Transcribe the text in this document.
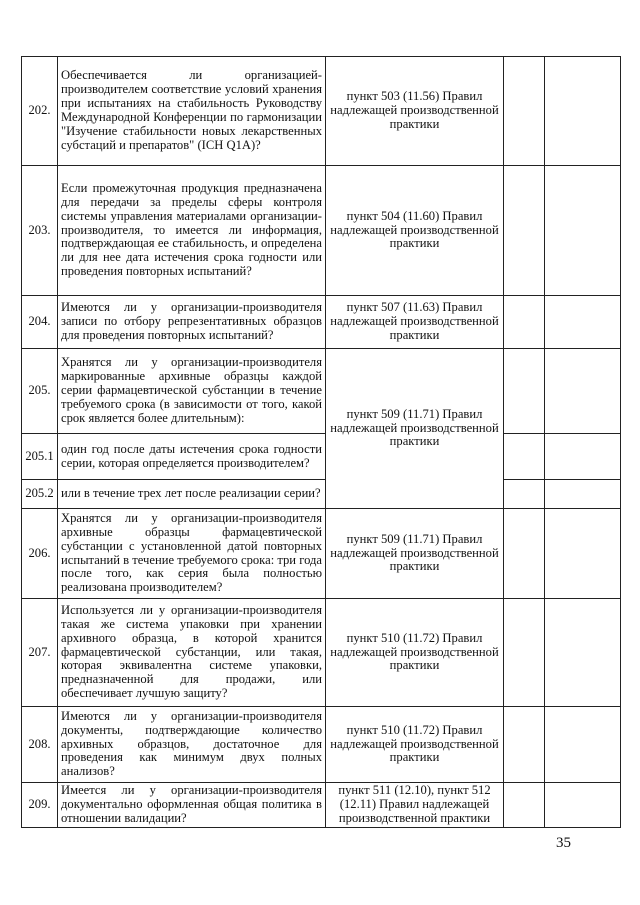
202.	Обеспечивается ли организацией-производителем соответствие условий хранения при испытаниях на стабильность Руководству Международной Конференции по гармонизации "Изучение стабильности новых лекарственных субстаций и препаратов" (ICH Q1A)?	пункт 503 (11.56) Правил надлежащей производственной практики		
203.	Если промежуточная продукция предназначена для передачи за пределы сферы контроля системы управления материалами организации-производителя, то имеется ли информация, подтверждающая ее стабильность, и определена ли для нее дата истечения срока годности или проведения повторных испытаний?	пункт 504 (11.60) Правил надлежащей производственной практики		
204.	Имеются ли у организации-производителя записи по отбору репрезентативных образцов для проведения повторных испытаний?	пункт 507 (11.63) Правил надлежащей производственной практики		
205.	Хранятся ли у организации-производителя маркированные архивные образцы каждой серии фармацевтической субстанции в течение требуемого срока (в зависимости от того, какой срок является более длительным):	пункт 509 (11.71) Правил надлежащей производственной практики		
205.1	один год после даты истечения срока годности серии, которая определяется производителем?			
205.2	или в течение трех лет после реализации серии?			
206.	Хранятся ли у организации-производителя архивные образцы фармацевтической субстанции с установленной датой повторных испытаний в течение требуемого срока: три года после того, как серия была полностью реализована производителем?	пункт 509 (11.71) Правил надлежащей производственной практики		
207.	Используется ли у организации-производителя такая же система упаковки при хранении архивного образца, в которой хранится фармацевтической субстанции, или такая, которая эквивалентна системе упаковки, предназначенной для продажи, или обеспечивает лучшую защиту?	пункт 510 (11.72) Правил надлежащей производственной практики		
208.	Имеются ли у организации-производителя документы, подтверждающие количество архивных образцов, достаточное для проведения как минимум двух полных анализов?	пункт 510 (11.72) Правил надлежащей производственной практики		
209.	Имеется ли у организации-производителя документально оформленная общая политика в отношении валидации?	пункт 511 (12.10), пункт 512 (12.11) Правил надлежащей производственной практики		
35
